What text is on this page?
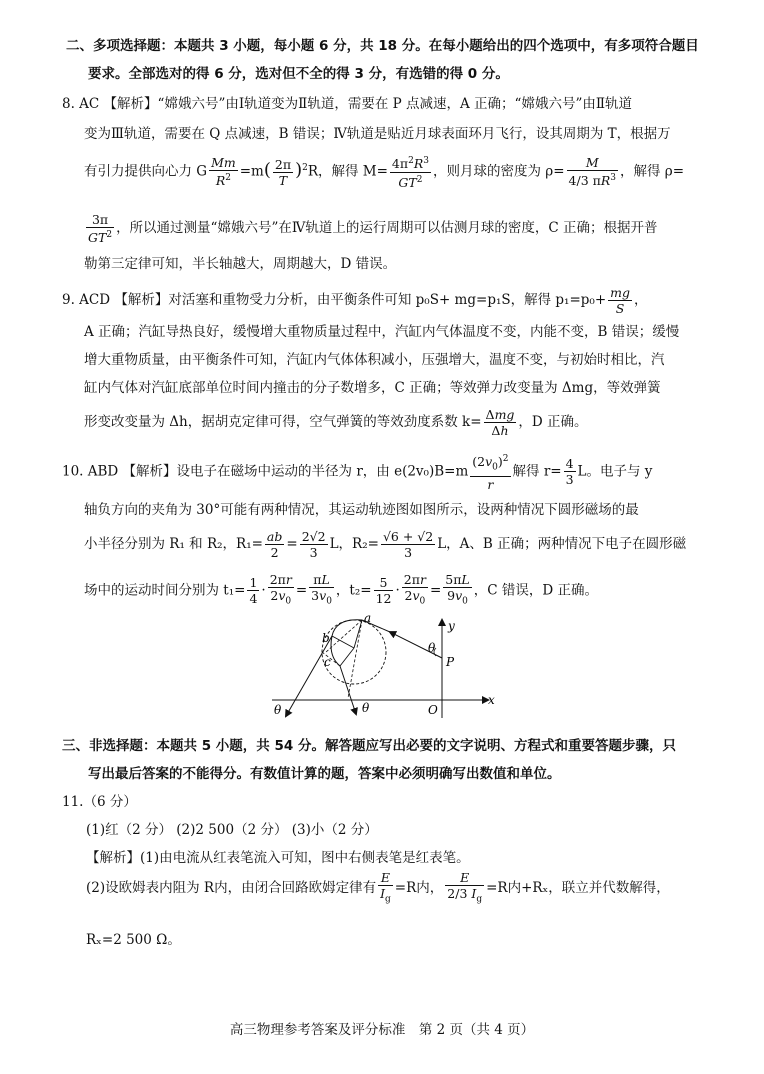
二、多项选择题：本题共 3 小题，每小题 6 分，共 18 分。在每小题给出的四个选项中，有多项符合题目
要求。全部选对的得 6 分，选对但不全的得 3 分，有选错的得 0 分。
8. AC 【解析】“嫦娥六号”由Ⅰ轨道变为Ⅱ轨道，需要在 P 点减速，A 正确；“嫦娥六号”由Ⅱ轨道
变为Ⅲ轨道，需要在 Q 点减速，B 错误；Ⅳ轨道是贴近月球表面环月飞行，设其周期为 T，根据万
有引力提供向心力 G $\frac{Mm}{R^2} =m( \frac{2\pi}{T} )^2R$，解得 $M= \frac{4\pi^2R^3}{GT^2}$ ，则月球的密度为 $\rho= \frac{M}{4/3 \pi R^3}$ ，解得 ρ=
$\frac{3\pi}{GT^2}$ ，所以通过测量“嫦娥六号”在Ⅳ轨道上的运行周期可以估测月球的密度，C 正确；根据开普
勒第三定律可知，半长轴越大，周期越大，D 错误。
9. ACD 【解析】对活塞和重物受力分析，由平衡条件可知 p₀S+ mg=p₁S，解得 $p_1=p_0+ \frac{mg}{S}$ ，
A 正确；汽缸导热良好，缓慢增大重物质量过程中，汽缸内气体温度不变，内能不变，B 错误；缓慢
增大重物质量，由平衡条件可知，汽缸内气体体积减小，压强增大，温度不变，与初始时相比，汽
缸内气体对汽缸底部单位时间内撞击的分子数增多，C 正确；等效弹力改变量为 Δmg，等效弹簧
形变改变量为 Δh，据胡克定律可得，空气弹簧的等效劲度系数 $k= \frac{\text{Δmg}}{\Delta h}$ ，D 正确。
10. ABD 【解析】设电子在磁场中运动的半径为 r，由 $e(2v_0)B=m \frac{(2v_0)^2}{r}$ 解得 $r= \frac{4}{3}$ L。电子与 y
轴负方向的夹角为 30°可能有两种情况，其运动轨迹图如图所示，设两种情况下圆形磁场的最
小半径分别为 R₁ 和 R₂，$R_1= \frac{ab}{2} = \frac{2√2}{3}$ L，$R_2= \frac{√6 + √2}{3}$ L，A、B 正确；两种情况下电子在圆形磁
场中的运动时间分别为 $t_1= \frac{1}{4} \cdot \frac{2\pi r}{2v_0} = \frac{\pi L}{3v_0}$ ，$t_2= \frac{5}{12} \cdot \frac{2\pi r}{2v_0} = \frac{5\pi L}{9v_0}$ ，C 错误，D 正确。
a
b
c
y
θ
P
θ	θ	O
x
三、非选择题：本题共 5 小题，共 54 分。解答题应写出必要的文字说明、方程式和重要答题步骤，只
写出最后答案的不能得分。有数值计算的题，答案中必须明确写出数值和单位。
11.（6 分）
(1)红（2 分） (2)2 500（2 分） (3)小（2 分）
【解析】(1)由电流从红表笔流入可知，图中右侧表笔是红表笔。
(2)设欧姆表内阻为 R内，由闭合回路欧姆定律有 $\frac{E}{I_g} =R$内， $\frac{E}{2/3 I_g} =R$内+Rₓ，联立并代数解得，
Rₓ=2 500 Ω。
高三物理参考答案及评分标准　第 2 页（共 4 页）
